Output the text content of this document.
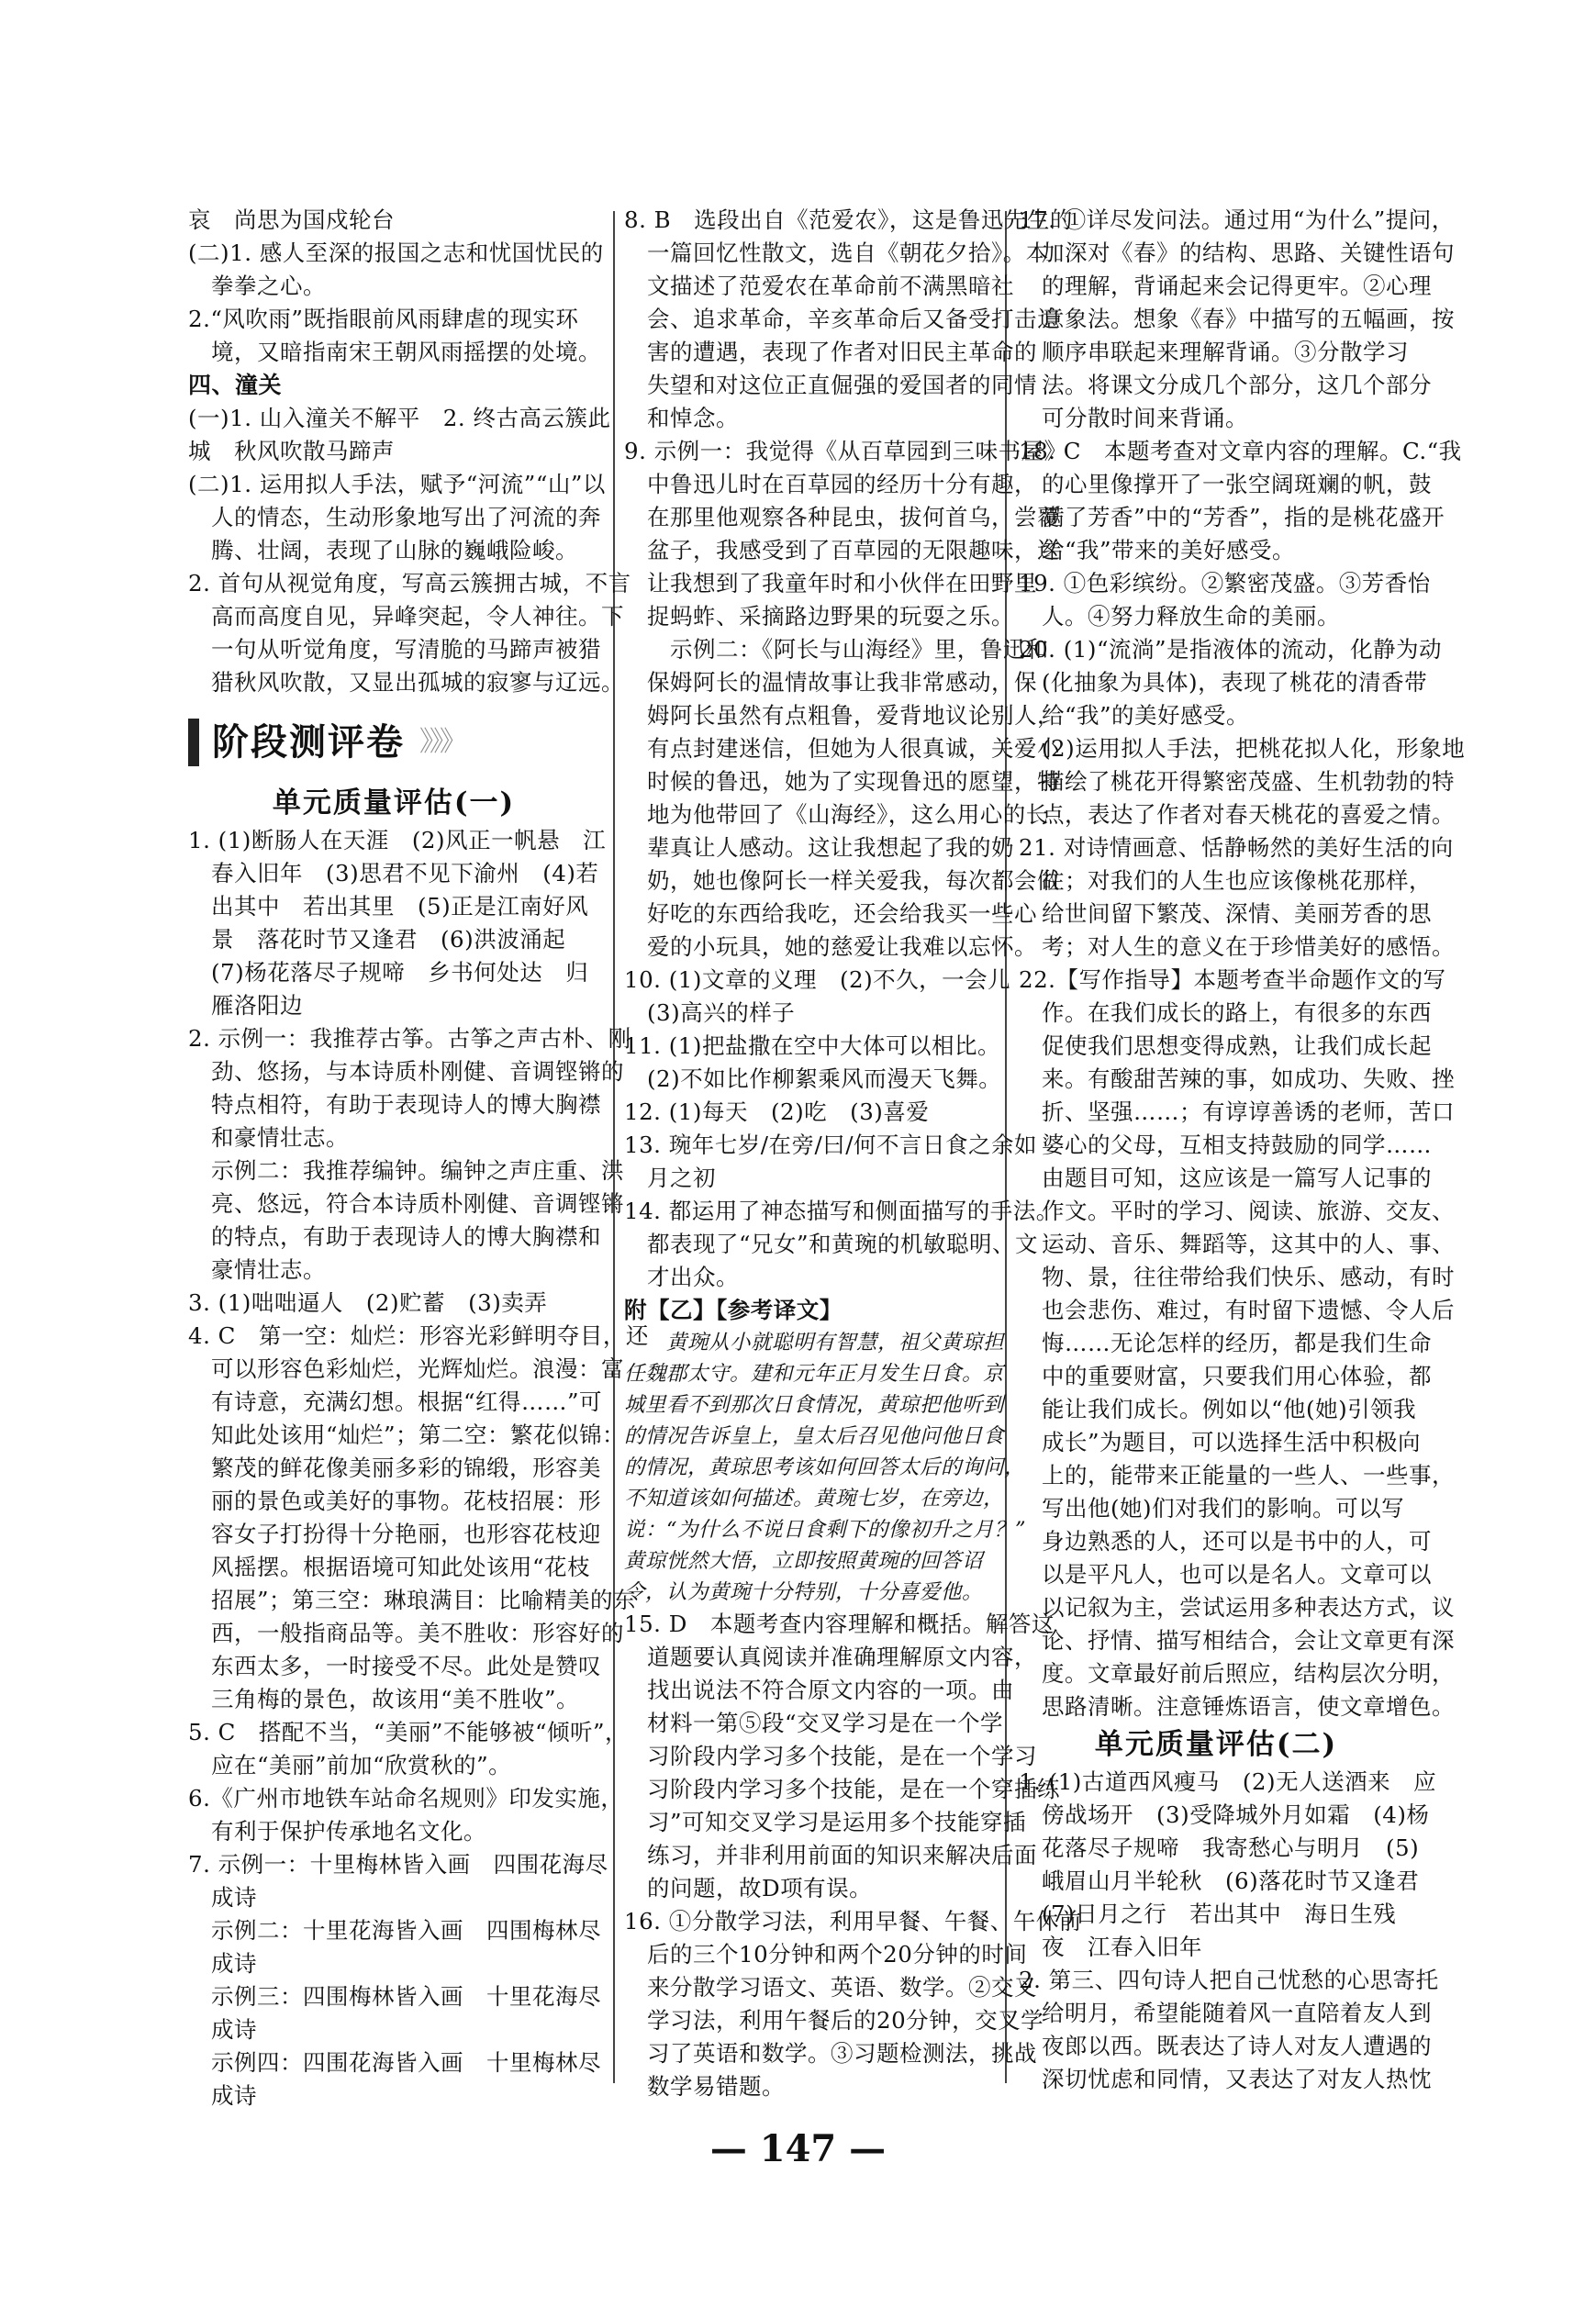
哀　尚思为国戍轮台
(二)1. 感人至深的报国之志和忧国忧民的
　拳拳之心。
2.“风吹雨”既指眼前风雨肆虐的现实环
　境，又暗指南宋王朝风雨摇摆的处境。
四、潼关
(一)1. 山入潼关不解平　2. 终古高云簇此
城　秋风吹散马蹄声
(二)1. 运用拟人手法，赋予“河流”“山”以
　人的情态，生动形象地写出了河流的奔
　腾、壮阔，表现了山脉的巍峨险峻。
2. 首句从视觉角度，写高云簇拥古城，不言
　高而高度自见，异峰突起，令人神往。下
　一句从听觉角度，写清脆的马蹄声被猎
　猎秋风吹散，又显出孤城的寂寥与辽远。
阶段测评卷 》》》
单元质量评估(一)
1. (1)断肠人在天涯　(2)风正一帆悬　江
　春入旧年　(3)思君不见下渝州　(4)若
　出其中　若出其里　(5)正是江南好风
　景　落花时节又逢君　(6)洪波涌起
　(7)杨花落尽子规啼　乡书何处达　归
　雁洛阳边
2. 示例一：我推荐古筝。古筝之声古朴、刚
　劲、悠扬，与本诗质朴刚健、音调铿锵的
　特点相符，有助于表现诗人的博大胸襟
　和豪情壮志。
　示例二：我推荐编钟。编钟之声庄重、洪
　亮、悠远，符合本诗质朴刚健、音调铿锵
　的特点，有助于表现诗人的博大胸襟和
　豪情壮志。
3. (1)咄咄逼人　(2)贮蓄　(3)卖弄
4. C　第一空：灿烂：形容光彩鲜明夺目，还
　可以形容色彩灿烂，光辉灿烂。浪漫：富
　有诗意，充满幻想。根据“红得……”可
　知此处该用“灿烂”；第二空：繁花似锦：
　繁茂的鲜花像美丽多彩的锦缎，形容美
　丽的景色或美好的事物。花枝招展：形
　容女子打扮得十分艳丽，也形容花枝迎
　风摇摆。根据语境可知此处该用“花枝
　招展”；第三空：琳琅满目：比喻精美的东
　西，一般指商品等。美不胜收：形容好的
　东西太多，一时接受不尽。此处是赞叹
　三角梅的景色，故该用“美不胜收”。
5. C　搭配不当，“美丽”不能够被“倾听”，
　应在“美丽”前加“欣赏秋的”。
6.《广州市地铁车站命名规则》印发实施，
　有利于保护传承地名文化。
7. 示例一：十里梅林皆入画　四围花海尽
　成诗
　示例二：十里花海皆入画　四围梅林尽
　成诗
　示例三：四围梅林皆入画　十里花海尽
　成诗
　示例四：四围花海皆入画　十里梅林尽
　成诗
8. B　选段出自《范爱农》，这是鲁迅先生的
　一篇回忆性散文，选自《朝花夕拾》。本
　文描述了范爱农在革命前不满黑暗社
　会、追求革命，辛亥革命后又备受打击迫
　害的遭遇，表现了作者对旧民主革命的
　失望和对这位正直倔强的爱国者的同情
　和悼念。
9. 示例一：我觉得《从百草园到三味书屋》
　中鲁迅儿时在百草园的经历十分有趣，
　在那里他观察各种昆虫，拔何首乌，尝覆
　盆子，我感受到了百草园的无限趣味，这
　让我想到了我童年时和小伙伴在田野里
　捉蚂蚱、采摘路边野果的玩耍之乐。
　　示例二：《阿长与山海经》里，鲁迅和
　保姆阿长的温情故事让我非常感动，保
　姆阿长虽然有点粗鲁，爱背地议论别人，
　有点封建迷信，但她为人很真诚，关爱小
　时候的鲁迅，她为了实现鲁迅的愿望，特
　地为他带回了《山海经》，这么用心的长
　辈真让人感动。这让我想起了我的奶
　奶，她也像阿长一样关爱我，每次都会做
　好吃的东西给我吃，还会给我买一些心
　爱的小玩具，她的慈爱让我难以忘怀。
10. (1)文章的义理　(2)不久，一会儿
　(3)高兴的样子
11. (1)把盐撒在空中大体可以相比。
　(2)不如比作柳絮乘风而漫天飞舞。
12. (1)每天　(2)吃　(3)喜爱
13. 琬年七岁/在旁/曰/何不言日食之余如
　月之初
14. 都运用了神态描写和侧面描写的手法。
　都表现了“兄女”和黄琬的机敏聪明、文
　才出众。
附【乙】【参考译文】
　　黄琬从小就聪明有智慧，祖父黄琼担
任魏郡太守。建和元年正月发生日食。京
城里看不到那次日食情况，黄琼把他听到
的情况告诉皇上，皇太后召见他问他日食
的情况，黄琼思考该如何回答太后的询问，
不知道该如何描述。黄琬七岁，在旁边，
说：“为什么不说日食剩下的像初升之月？”
黄琼恍然大悟，立即按照黄琬的回答诏
令，认为黄琬十分特别，十分喜爱他。
15. D　本题考查内容理解和概括。解答这
　道题要认真阅读并准确理解原文内容，
　找出说法不符合原文内容的一项。由
　材料一第⑤段“交叉学习是在一个学
　习阶段内学习多个技能，是在一个学习
　习阶段内学习多个技能，是在一个穿插练
　习”可知交叉学习是运用多个技能穿插
　练习，并非利用前面的知识来解决后面
　的问题，故D项有误。
16. ①分散学习法，利用早餐、午餐、午休前
　后的三个10分钟和两个20分钟的时间
　来分散学习语文、英语、数学。②交叉
　学习法，利用午餐后的20分钟，交叉学
　习了英语和数学。③习题检测法，挑战
　数学易错题。
17. ①详尽发问法。通过用“为什么”提问，
　加深对《春》的结构、思路、关键性语句
　的理解，背诵起来会记得更牢。②心理
　意象法。想象《春》中描写的五幅画，按
　顺序串联起来理解背诵。③分散学习
　法。将课文分成几个部分，这几个部分
　可分散时间来背诵。
18. C　本题考查对文章内容的理解。C.“我
　的心里像撑开了一张空阔斑斓的帆，鼓
　满了芳香”中的“芳香”，指的是桃花盛开
　给“我”带来的美好感受。
19. ①色彩缤纷。②繁密茂盛。③芳香怡
　人。④努力释放生命的美丽。
20. (1)“流淌”是指液体的流动，化静为动
　(化抽象为具体)，表现了桃花的清香带
　给“我”的美好感受。
　(2)运用拟人手法，把桃花拟人化，形象地
　描绘了桃花开得繁密茂盛、生机勃勃的特
　点，表达了作者对春天桃花的喜爱之情。
21. 对诗情画意、恬静畅然的美好生活的向
　往；对我们的人生也应该像桃花那样，
　给世间留下繁茂、深情、美丽芳香的思
　考；对人生的意义在于珍惜美好的感悟。
22.【写作指导】本题考查半命题作文的写
　作。在我们成长的路上，有很多的东西
　促使我们思想变得成熟，让我们成长起
　来。有酸甜苦辣的事，如成功、失败、挫
　折、坚强……；有谆谆善诱的老师，苦口
　婆心的父母，互相支持鼓励的同学……
　由题目可知，这应该是一篇写人记事的
　作文。平时的学习、阅读、旅游、交友、
　运动、音乐、舞蹈等，这其中的人、事、
　物、景，往往带给我们快乐、感动，有时
　也会悲伤、难过，有时留下遗憾、令人后
　悔……无论怎样的经历，都是我们生命
　中的重要财富，只要我们用心体验，都
　能让我们成长。例如以“他(她)引领我
　成长”为题目，可以选择生活中积极向
　上的，能带来正能量的一些人、一些事，
　写出他(她)们对我们的影响。可以写
　身边熟悉的人，还可以是书中的人，可
　以是平凡人，也可以是名人。文章可以
　以记叙为主，尝试运用多种表达方式，议
　论、抒情、描写相结合，会让文章更有深
　度。文章最好前后照应，结构层次分明，
　思路清晰。注意锤炼语言，使文章增色。
单元质量评估(二)
1. (1)古道西风瘦马　(2)无人送酒来　应
　傍战场开　(3)受降城外月如霜　(4)杨
　花落尽子规啼　我寄愁心与明月　(5)
　峨眉山月半轮秋　(6)落花时节又逢君
　(7)日月之行　若出其中　海日生残
　夜　江春入旧年
2. 第三、四句诗人把自己忧愁的心思寄托
　给明月，希望能随着风一直陪着友人到
　夜郎以西。既表达了诗人对友人遭遇的
　深切忧虑和同情，又表达了对友人热忱
— 147 —
